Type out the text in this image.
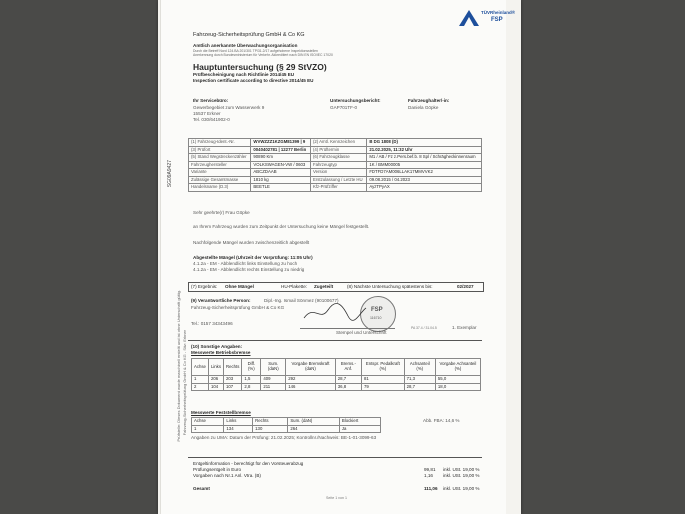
TÜVRheinland®
FSP
Fahrzeug-Sicherheitsprüfung GmbH & Co KG
Amtlich anerkannte Überwachungsorganisation
Durch die Betreff Nord 124.BA 201/301 TP/31.2/17 aufgehobene Inspektionsstellen
Anerkennung durch Bundesministerium für Verkehr. Akkreditiert nach DIN EN ISO/IEC 17020
Hauptuntersuchung (§ 29 StVZO)
Prüfbescheinigung nach Richtlinie 2014/45 EU
Inspection certificate according to directive 2014/45 EU
Ihr Servicebüro:
Gewerbegebiet zum Wasserwerk 9
15537 Erkner
Tel. 030/641902-0
Untersuchungsbericht:
GAP701TF-0
Fahrzeughalter/-in:
Daniela Göpke
(1) Fahrzeug-Ident.-Nr.	WVWZZZ1KZGM81399 | 9	(2) Amtl. Kennzeichen	B DG 1808 (D)
(3) Prüfort	0040402781 | 12277 Berlin	(4) Prüftermin	21.02.2025, 11:32 Uhr
(5) Stand Wegstreckenzähler	90890 Km	(6) Fahrzeugklasse	M1 / AB / Fz z.Pers.bef.b. 8 Spl / Schrägheckinnenraum
Fahrzeughersteller	VOLKSWAGEN-VW / 0603	Fahrzeugtyp	1K / BMM00005
Variante	ABCZDAAB	Version	FDTFD7AM006LLAK17MMVVK2
Zulässige Gesamtmasse	1810 kg	Erstzulassung / Letzte HU	09.08.2015 / 04.2023
Handelsname (D.3)	BEETLE	Kfz-Prüfziffer	AyzTPyAX
Sehr geehrte(r) Frau Göpke
an Ihrem Fahrzeug wurden zum Zeitpunkt der Untersuchung keine Mängel festgestellt.
Nachfolgende Mängel wurden zwischenzeitlich abgestellt
Abgestellte Mängel (Uhrzeit der Vorprüfung: 11:05 Uhr)
4.1.2a - EM - Abblendlicht links Einstellung zu hoch
4.1.2a - EM - Abblendlicht rechts Einstellung zu niedrig
(7) Ergebnis: Ohne Mängel	HU-Plakette: Zugeteilt	(8) Nächste Untersuchung spätestens bis:	02/2027
(9) Verantwortliche Person:	Dipl.-Ing. Ismail Sönmez (90100677)
Fahrzeug-Sicherheitsprüfung GmbH & Co KG
Tel.: 0157 34343496
FSP
116710
Stempel und Unterschrift
PA 37.4 / 31.04.5	1. Exemplar
(10) Sonstige Angaben:
Messwerte Betriebsbremse
Achse	Links	Rechts	Diff. (%)	Sum. (daN)	Vorgabe Bremskraft (daN)	Brems.-Anf.	Entspr. Pedalkraft (%)	Achsanteil (%)	Vorgabe Achsanteil (%)
1	206	203	1,5	409	292	28,7	81	71,3	55,0
2	104	107	2,8	211	146	36,8	79	28,7	18,0
Messwerte Feststellbremse
Achse	Links	Rechts	Sum. (daN)	Blockiert
1	134	130	264	Ja
Abb. FBA: 14,6 %
Angaben zu UMA: Datum der Prüfung: 21.02.2025; Kontrollnr./Nachweis: BE-1-01-3099-63
Entgeltinformation - berechtigt für den Vorsteuerabzug
Prüfungsentgelt in Euro	99,81 inkl. USt. 19,00 %
Vorgaben nach Nr.1 Anl. Vtra. (B)	1,16 inkl. USt. 19,00 %
Gesamt	111,06 inkl. USt. 19,00 %
Seite 1 von 1
SG09A9427
Prüfstelle: Dieses Dokument wurde maschinell erstellt und ist ohne Unterschrift gültig. Fahrzeug-Sicherheitsprüfung GmbH & Co KG - Sitz: Erkner
